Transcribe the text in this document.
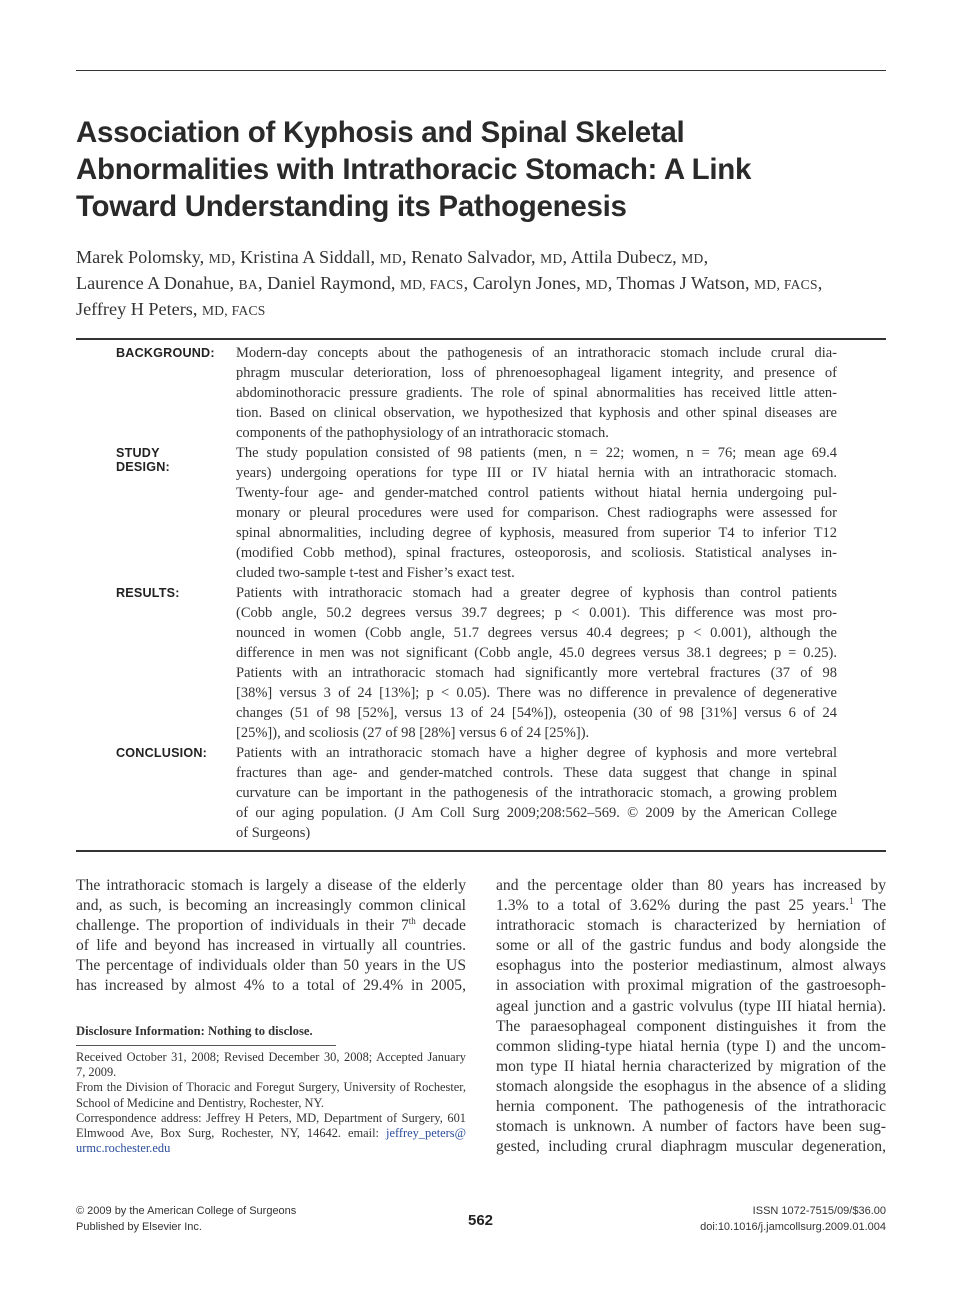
Association of Kyphosis and Spinal Skeletal
Abnormalities with Intrathoracic Stomach: A Link
Toward Understanding its Pathogenesis
Marek Polomsky, MD, Kristina A Siddall, MD, Renato Salvador, MD, Attila Dubecz, MD,
Laurence A Donahue, BA, Daniel Raymond, MD, FACS, Carolyn Jones, MD, Thomas J Watson, MD, FACS,
Jeffrey H Peters, MD, FACS
BACKGROUND: Modern-day concepts about the pathogenesis of an intrathoracic stomach include crural dia-
phragm muscular deterioration, loss of phrenoesophageal ligament integrity, and presence of
abdominothoracic pressure gradients. The role of spinal abnormalities has received little atten-
tion. Based on clinical observation, we hypothesized that kyphosis and other spinal diseases are
components of the pathophysiology of an intrathoracic stomach.
STUDY DESIGN:
The study population consisted of 98 patients (men, n = 22; women, n = 76; mean age 69.4
years) undergoing operations for type III or IV hiatal hernia with an intrathoracic stomach.
Twenty-four age- and gender-matched control patients without hiatal hernia undergoing pul-
monary or pleural procedures were used for comparison. Chest radiographs were assessed for
spinal abnormalities, including degree of kyphosis, measured from superior T4 to inferior T12
(modified Cobb method), spinal fractures, osteoporosis, and scoliosis. Statistical analyses in-
cluded two-sample t-test and Fisher’s exact test.
RESULTS:	Patients with intrathoracic stomach had a greater degree of kyphosis than control patients
(Cobb angle, 50.2 degrees versus 39.7 degrees; p < 0.001). This difference was most pro-
nounced in women (Cobb angle, 51.7 degrees versus 40.4 degrees; p < 0.001), although the
difference in men was not significant (Cobb angle, 45.0 degrees versus 38.1 degrees; p = 0.25).
Patients with an intrathoracic stomach had significantly more vertebral fractures (37 of 98
[38%] versus 3 of 24 [13%]; p < 0.05). There was no difference in prevalence of degenerative
changes (51 of 98 [52%], versus 13 of 24 [54%]), osteopenia (30 of 98 [31%] versus 6 of 24
[25%]), and scoliosis (27 of 98 [28%] versus 6 of 24 [25%]).
CONCLUSION: Patients with an intrathoracic stomach have a higher degree of kyphosis and more vertebral
fractures than age- and gender-matched controls. These data suggest that change in spinal
curvature can be important in the pathogenesis of the intrathoracic stomach, a growing problem
of our aging population. (J Am Coll Surg 2009;208:562–569. © 2009 by the American College
of Surgeons)
The intrathoracic stomach is largely a disease of the elderly
and, as such, is becoming an increasingly common clinical
challenge. The proportion of individuals in their 7th decade
of life and beyond has increased in virtually all countries.
The percentage of individuals older than 50 years in the US
has increased by almost 4% to a total of 29.4% in 2005,
Disclosure Information: Nothing to disclose.
Received October 31, 2008; Revised December 30, 2008; Accepted January
7, 2009.
From the Division of Thoracic and Foregut Surgery, University of Rochester,
School of Medicine and Dentistry, Rochester, NY.
Correspondence address: Jeffrey H Peters, MD, Department of Surgery, 601
Elmwood Ave, Box Surg, Rochester, NY, 14642. email: jeffrey_peters@
urmc.rochester.edu
and the percentage older than 80 years has increased by
1.3% to a total of 3.62% during the past 25 years.$^1$ The
intrathoracic stomach is characterized by herniation of
some or all of the gastric fundus and body alongside the
esophagus into the posterior mediastinum, almost always
in association with proximal migration of the gastroesoph-
ageal junction and a gastric volvulus (type III hiatal hernia).
The paraesophageal component distinguishes it from the
common sliding-type hiatal hernia (type I) and the uncom-
mon type II hiatal hernia characterized by migration of the
stomach alongside the esophagus in the absence of a sliding
hernia component. The pathogenesis of the intrathoracic
stomach is unknown. A number of factors have been sug-
gested, including crural diaphragm muscular degeneration,
© 2009 by the American College of Surgeons
Published by Elsevier Inc.	562
ISSN 1072-7515/09/$36.00
doi:10.1016/j.jamcollsurg.2009.01.004
